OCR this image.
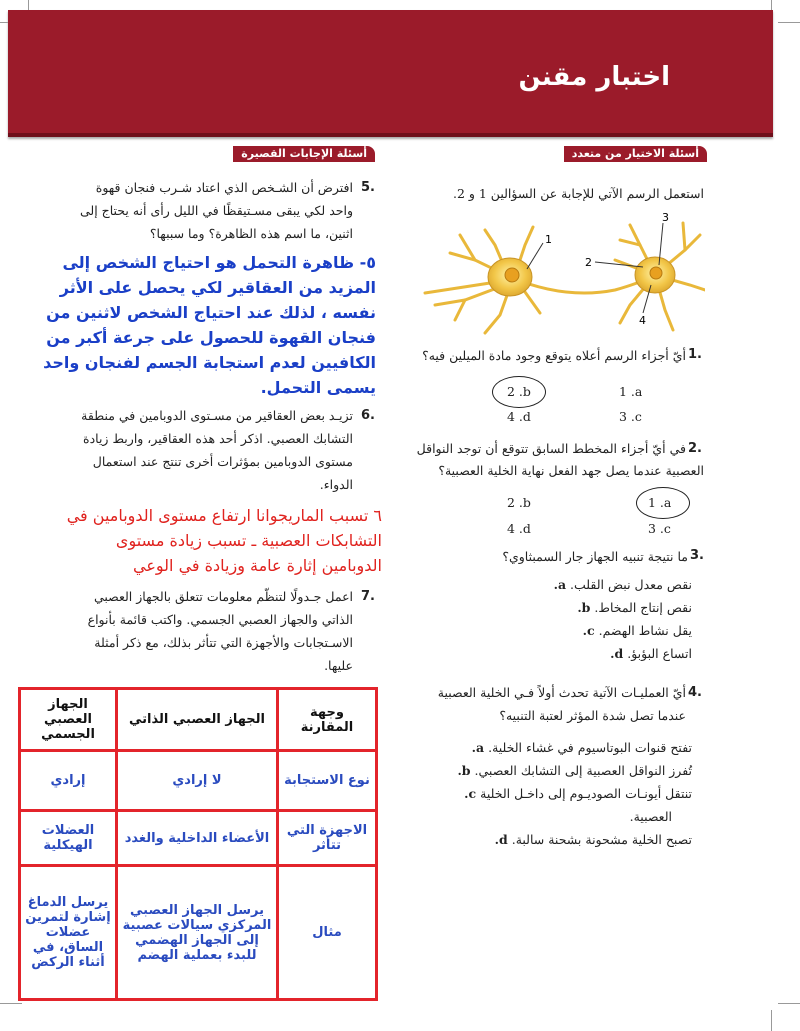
اختبار مقنن
أسئلة الاختيار من متعدد
أسئلة الإجابات القصيرة
استعمل الرسم الآتي للإجابة عن السؤالين 1 و 2.
1
2
3
4
1.
أيّ أجزاء الرسم أعلاه يتوقع وجود مادة الميلين فيه؟
1 .a
2 .b
3 .c
4 .d
2.
في أيّ أجزاء المخطط السابق تتوقع أن توجد النواقل
العصبية عندما يصل جهد الفعل نهاية الخلية العصبية؟
1 .a
2 .b
3 .c
4 .d
3.
ما نتيجة تنبيه الجهاز جار السمبثاوي؟
نقص معدل نبض القلب. a.
نقص إنتاج المخاط. b.
يقل نشاط الهضم. c.
اتساع البؤبؤ. d.
4.
أيّ العمليـات الآتية تحدث أولاً فـي الخلية العصبية
عندما تصل شدة المؤثر لعتبة التنبيه؟
تفتح قنوات البوتاسيوم في غشاء الخلية. a.
تُفرز النواقل العصبية إلى التشابك العصبي. b.
تنتقل أيونـات الصوديـوم إلى داخـل الخلية c.
العصبية.
تصبح الخلية مشحونة بشحنة سالبة. d.
5.
افترض أن الشـخص الذي اعتاد شـرب فنجان قهوة
واحد لكي يبقى مسـتيقظًا في الليل رأى أنه يحتاج إلى
اثنين، ما اسم هذه الظاهرة؟ وما سببها؟
٥- ظاهرة التحمل هو احتياج الشخص إلى
المزيد من العقاقير لكي يحصل على الأثر
نفسه ، لذلك عند احتياج الشخص لاثنين من
فنجان القهوة للحصول على جرعة أكبر من
الكافيين لعدم استجابة الجسم لفنجان واحد
يسمى التحمل.
6.
تزيـد بعض العقاقير من مسـتوى الدوبامين في منطقة
التشابك العصبي. اذكر أحد هذه العقاقير، واربط زيادة
مستوى الدوبامين بمؤثرات أخرى تنتج عند استعمال
الدواء.
٦ تسبب الماريجوانا ارتفاع مستوى الدوبامين في
التشابكات العصبية ـ تسبب زيادة مستوى
الدوبامين إثارة عامة وزيادة في الوعي
7.
اعمل جـدولًا لتنظّم معلومات تتعلق بالجهاز العصبي
الذاتي والجهاز العصبي الجسمي. واكتب قائمة بأنواع
الاسـتجابات والأجهزة التي تتأثر بذلك، مع ذكر أمثلة
عليها.
وجهة المقارنة	الجهاز العصبي الذاتي	الجهاز العصبي الجسمي
نوع الاستجابة	لا إرادي	إرادي
الاجهزة التي تتأثر	الأعضاء الداخلية والغدد	العضلات الهيكلية
مثال	يرسل الجهاز العصبي المركزي سيالات عصبية إلى الجهاز الهضمي للبدء بعملية الهضم	يرسل الدماغ إشارة لتمرين عضلات الساق، في أثناء الركض
